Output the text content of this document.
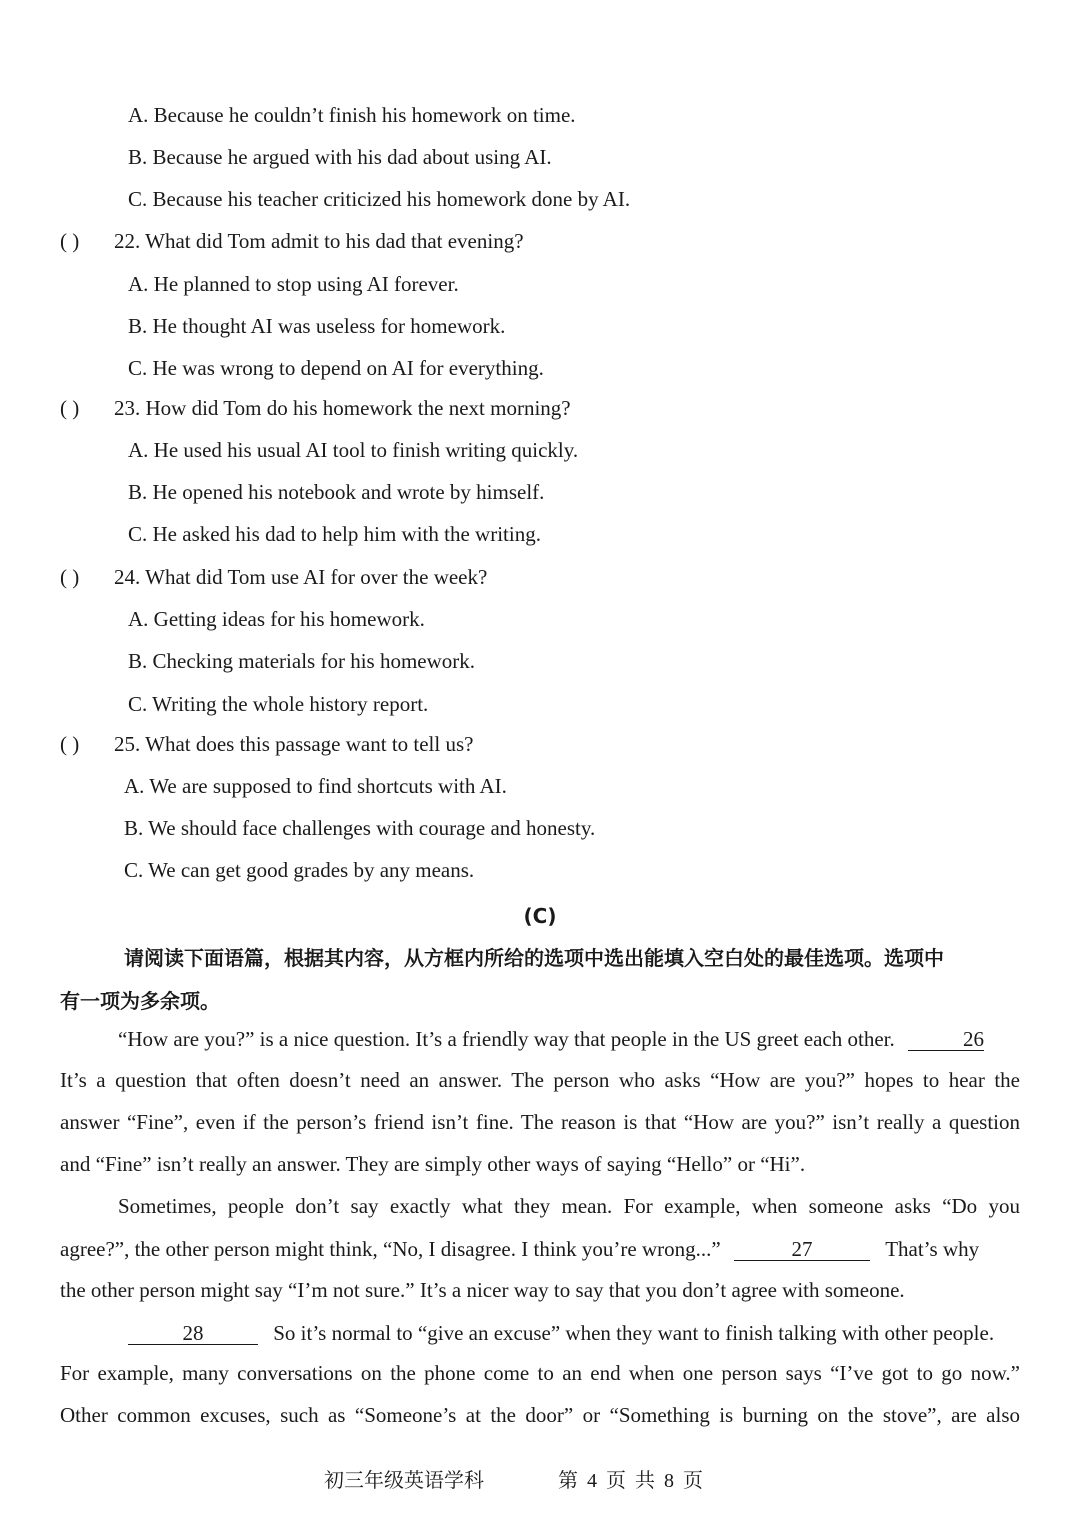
A. Because he couldn’t finish his homework on time.
B. Because he argued with his dad about using AI.
C. Because his teacher criticized his homework done by AI.
( ) 22. What did Tom admit to his dad that evening?
A. He planned to stop using AI forever.
B. He thought AI was useless for homework.
C. He was wrong to depend on AI for everything.
( ) 23. How did Tom do his homework the next morning?
A. He used his usual AI tool to finish writing quickly.
B. He opened his notebook and wrote by himself.
C. He asked his dad to help him with the writing.
( ) 24. What did Tom use AI for over the week?
A. Getting ideas for his homework.
B. Checking materials for his homework.
C. Writing the whole history report.
( ) 25. What does this passage want to tell us?
A. We are supposed to find shortcuts with AI.
B. We should face challenges with courage and honesty.
C. We can get good grades by any means.
(C)
请阅读下面语篇，根据其内容，从方框内所给的选项中选出能填入空白处的最佳选项。选项中
有一项为多余项。
“How are you?” is a nice question. It’s a friendly way that people in the US greet each other.	26
It’s a question that often doesn’t need an answer. The person who asks “How are you?” hopes to hear the
answer “Fine”, even if the person’s friend isn’t fine. The reason is that “How are you?” isn’t really a question
and “Fine” isn’t really an answer. They are simply other ways of saying “Hello” or “Hi”.
Sometimes, people don’t say exactly what they mean. For example, when someone asks “Do you
agree?”, the other person might think, “No, I disagree. I think you’re wrong...”	27	That’s why
the other person might say “I’m not sure.” It’s a nicer way to say that you don’t agree with someone.
28	So it’s normal to “give an excuse” when they want to finish talking with other people.
For example, many conversations on the phone come to an end when one person says “I’ve got to go now.”
Other common excuses, such as “Someone’s at the door” or “Something is burning on the stove”, are also
初三年级英语学科	第 4 页 共 8 页
